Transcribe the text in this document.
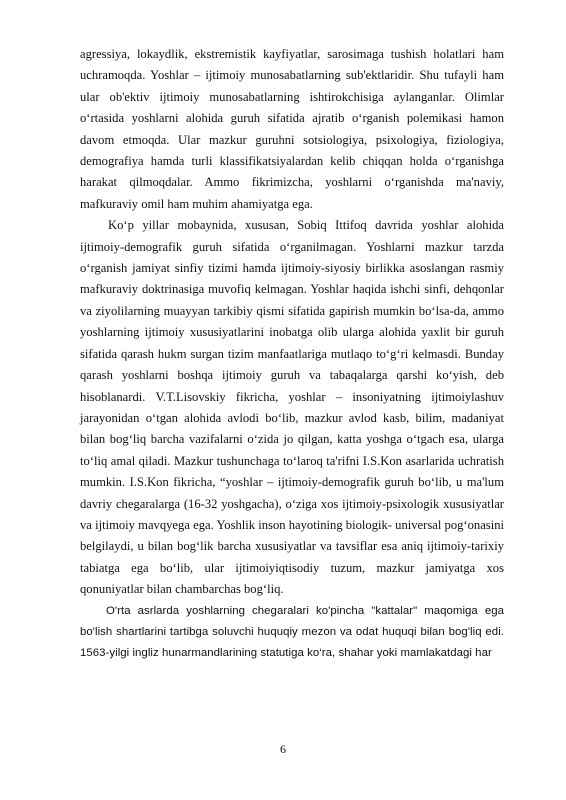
agressiya, lokaydlik, ekstremistik kayfiyatlar, sarosimaga tushish holatlari ham uchramoqda. Yoshlar – ijtimoiy munosabatlarning sub'ektlaridir. Shu tufayli ham ular ob'ektiv ijtimoiy munosabatlarning ishtirokchisiga aylanganlar. Olimlar o‘rtasida yoshlarni alohida guruh sifatida ajratib o‘rganish polemikasi hamon davom etmoqda. Ular mazkur guruhni sotsiologiya, psixologiya, fiziologiya, demografiya hamda turli klassifikatsiyalardan kelib chiqqan holda o‘rganishga harakat qilmoqdalar. Ammo fikrimizcha, yoshlarni o‘rganishda ma'naviy, mafkuraviy omil ham muhim ahamiyatga ega.

Ko‘p yillar mobaynida, xususan, Sobiq Ittifoq davrida yoshlar alohida ijtimoiy-demografik guruh sifatida o‘rganilmagan. Yoshlarni mazkur tarzda o‘rganish jamiyat sinfiy tizimi hamda ijtimoiy-siyosiy birlikka asoslangan rasmiy mafkuraviy doktrinasiga muvofiq kelmagan. Yoshlar haqida ishchi sinfi, dehqonlar va ziyolilarning muayyan tarkibiy qismi sifatida gapirish mumkin bo‘lsa-da, ammo yoshlarning ijtimoiy xususiyatlarini inobatga olib ularga alohida yaxlit bir guruh sifatida qarash hukm surgan tizim manfaatlariga mutlaqo to‘g‘ri kelmasdi. Bunday qarash yoshlarni boshqa ijtimoiy guruh va tabaqalarga qarshi ko‘yish, deb hisoblanardi. V.T.Lisovskiy fikricha, yoshlar – insoniyatning ijtimoiylashuv jarayonidan o‘tgan alohida avlodi bo‘lib, mazkur avlod kasb, bilim, madaniyat bilan bog‘liq barcha vazifalarni o‘zida jo qilgan, katta yoshga o‘tgach esa, ularga to‘liq amal qiladi. Mazkur tushunchaga to‘laroq ta'rifni I.S.Kon asarlarida uchratish mumkin. I.S.Kon fikricha, “yoshlar – ijtimoiy-demografik guruh bo‘lib, u ma'lum davriy chegaralarga (16-32 yoshgacha), o‘ziga xos ijtimoiy-psixologik xususiyatlar va ijtimoiy mavqyega ega. Yoshlik inson hayotining biologik- universal pog‘onasini belgilaydi, u bilan bog‘lik barcha xususiyatlar va tavsiflar esa aniq ijtimoiy-tarixiy tabiatga ega bo‘lib, ular ijtimoiyiqtisodiy tuzum, mazkur jamiyatga xos qonuniyatlar bilan chambarchas bog‘liq.

O'rta asrlarda yoshlarning chegaralari ko'pincha "kattalar" maqomiga ega bo'lish shartlarini tartibga soluvchi huquqiy mezon va odat huquqi bilan bog'liq edi. 1563-yilgi ingliz hunarmandlarining statutiga ko‘ra, shahar yoki mamlakatdagi har

6
